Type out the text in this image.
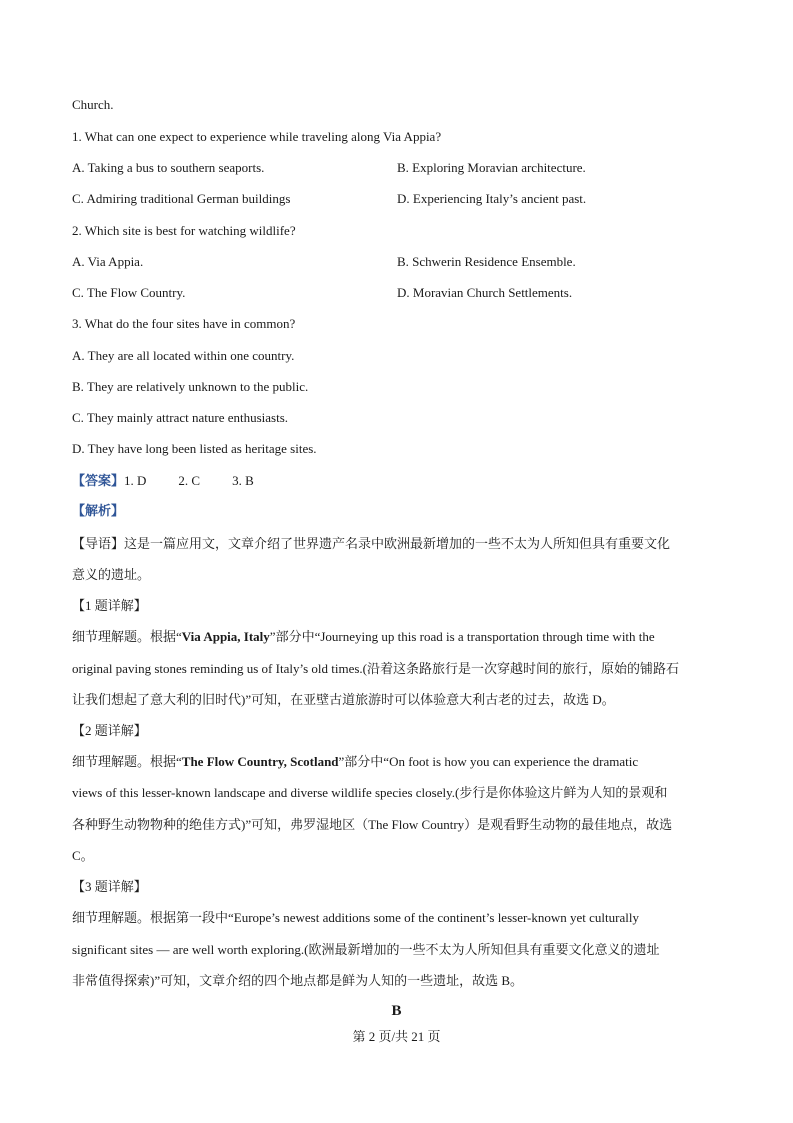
Church.
1. What can one expect to experience while traveling along Via Appia?
A. Taking a bus to southern seaports.	B. Exploring Moravian architecture.
C. Admiring traditional German buildings	D. Experiencing Italy’s ancient past.
2. Which site is best for watching wildlife?
A. Via Appia.	B. Schwerin Residence Ensemble.
C. The Flow Country.	D. Moravian Church Settlements.
3. What do the four sites have in common?
A. They are all located within one country.
B. They are relatively unknown to the public.
C. They mainly attract nature enthusiasts.
D. They have long been listed as heritage sites.
【答案】1. D 2. C 3. B
【解析】
【导语】这是一篇应用文，文章介绍了世界遗产名录中欧洲最新增加的一些不太为人所知但具有重要文化
意义的遗址。
【1 题详解】
细节理解题。根据“Via Appia, Italy”部分中“Journeying up this road is a transportation through time with the
original paving stones reminding us of Italy’s old times.(沿着这条路旅行是一次穿越时间的旅行，原始的铺路石
让我们想起了意大利的旧时代)”可知，在亚壁古道旅游时可以体验意大利古老的过去，故选 D。
【2 题详解】
细节理解题。根据“The Flow Country, Scotland”部分中“On foot is how you can experience the dramatic
views of this lesser-known landscape and diverse wildlife species closely.(步行是你体验这片鲜为人知的景观和
各种野生动物物种的绝佳方式)”可知，弗罗湿地区（The Flow Country）是观看野生动物的最佳地点，故选
C。
【3 题详解】
细节理解题。根据第一段中“Europe’s newest additions some of the continent’s lesser-known yet culturally
significant sites — are well worth exploring.(欧洲最新增加的一些不太为人所知但具有重要文化意义的遗址
非常值得探索)”可知，文章介绍的四个地点都是鲜为人知的一些遗址，故选 B。
B
第 2 页/共 21 页
